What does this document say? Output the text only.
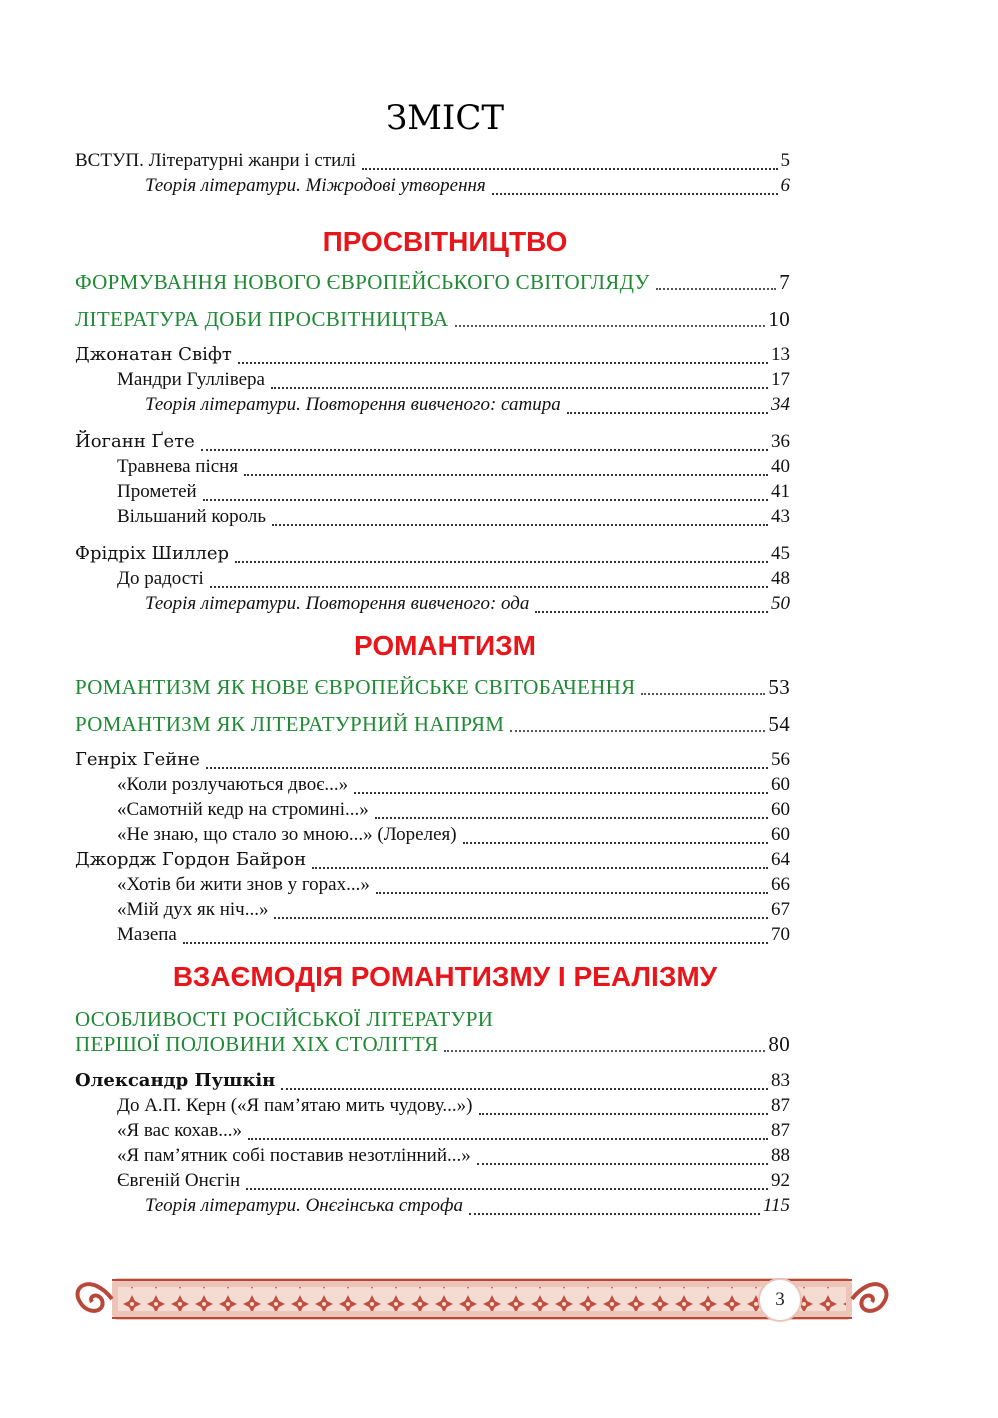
ЗМІСТ
ВСТУП. Літературні жанри і стилі	5
Теорія літератури. Міжродові утворення	6
ПРОСВІТНИЦТВО
ФОРМУВАННЯ НОВОГО ЄВРОПЕЙСЬКОГО СВІТОГЛЯДУ	7
ЛІТЕРАТУРА ДОБИ ПРОСВІТНИЦТВА	10
Джонатан Свіфт	13
Мандри Гуллівера	17
Теорія літератури. Повторення вивченого: сатира	34
Йоганн Ґете	36
Травнева пісня	40
Прометей	41
Вільшаний король	43
Фрідріх Шиллер	45
До радості	48
Теорія літератури. Повторення вивченого: ода	50
РОМАНТИЗМ
РОМАНТИЗМ ЯК НОВЕ ЄВРОПЕЙСЬКЕ СВІТОБАЧЕННЯ	53
РОМАНТИЗМ ЯК ЛІТЕРАТУРНИЙ НАПРЯМ	54
Генріх Гейне	56
«Коли розлучаються двоє...»	60
«Самотній кедр на стромині...»	60
«Не знаю, що стало зо мною...» (Лорелея)	60
Джордж Гордон Байрон	64
«Хотів би жити знов у горах...»	66
«Мій дух як ніч...»	67
Мазепа	70
ВЗАЄМОДІЯ РОМАНТИЗМУ І РЕАЛІЗМУ
ОСОБЛИВОСТІ РОСІЙСЬКОЇ ЛІТЕРАТУРИ
ПЕРШОЇ ПОЛОВИНИ ХІХ СТОЛІТТЯ	80
Олександр Пушкін	83
До А.П. Керн («Я пам’ятаю мить чудову...»)	87
«Я вас кохав...»	87
«Я пам’ятник собі поставив незотлінний...»	88
Євгеній Онєгін	92
Теорія літератури. Онєгінська строфа	115
3
